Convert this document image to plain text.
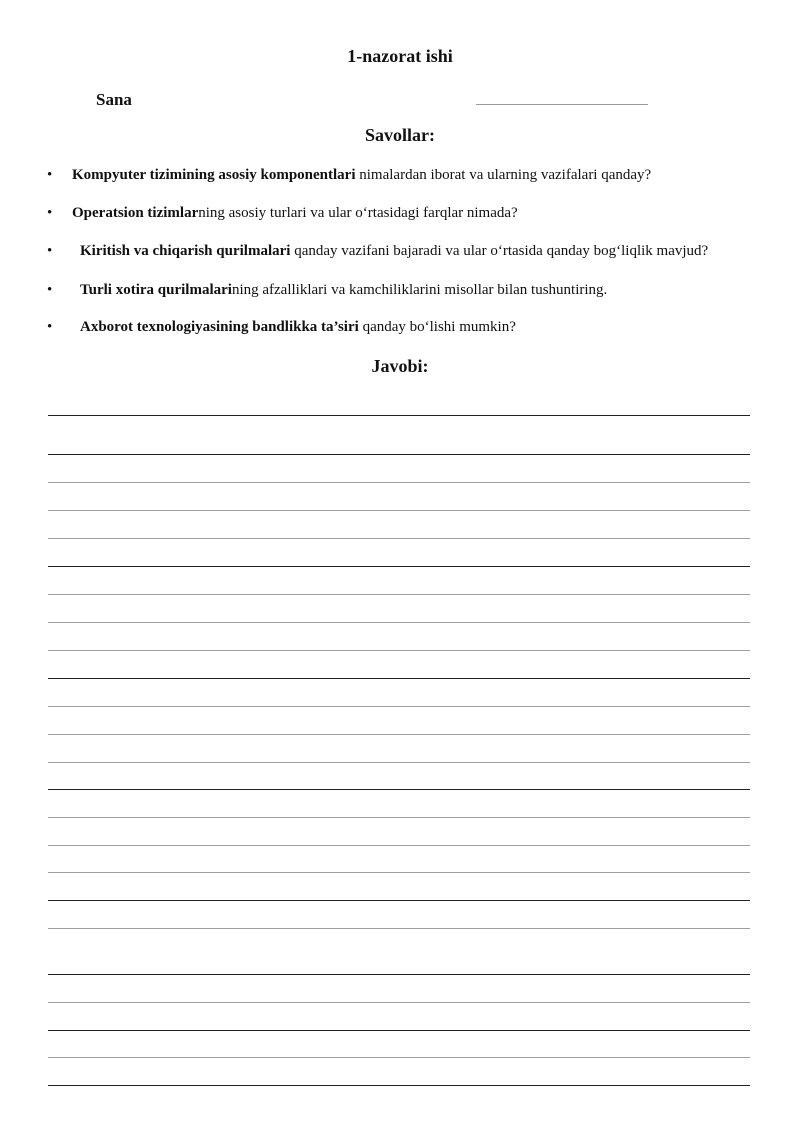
1-nazorat ishi
Sana
Savollar:
• Kompyuter tizimining asosiy komponentlari nimalardan iborat va ularning vazifalari qanday?
• Operatsion tizimlarning asosiy turlari va ular o‘rtasidagi farqlar nimada?
• Kiritish va chiqarish qurilmalari qanday vazifani bajaradi va ular o‘rtasida qanday bog‘liqlik mavjud?
• Turli xotira qurilmalarining afzalliklari va kamchiliklarini misollar bilan tushuntiring.
• Axborot texnologiyasining bandlikka ta’siri qanday bo‘lishi mumkin?
Javobi:
